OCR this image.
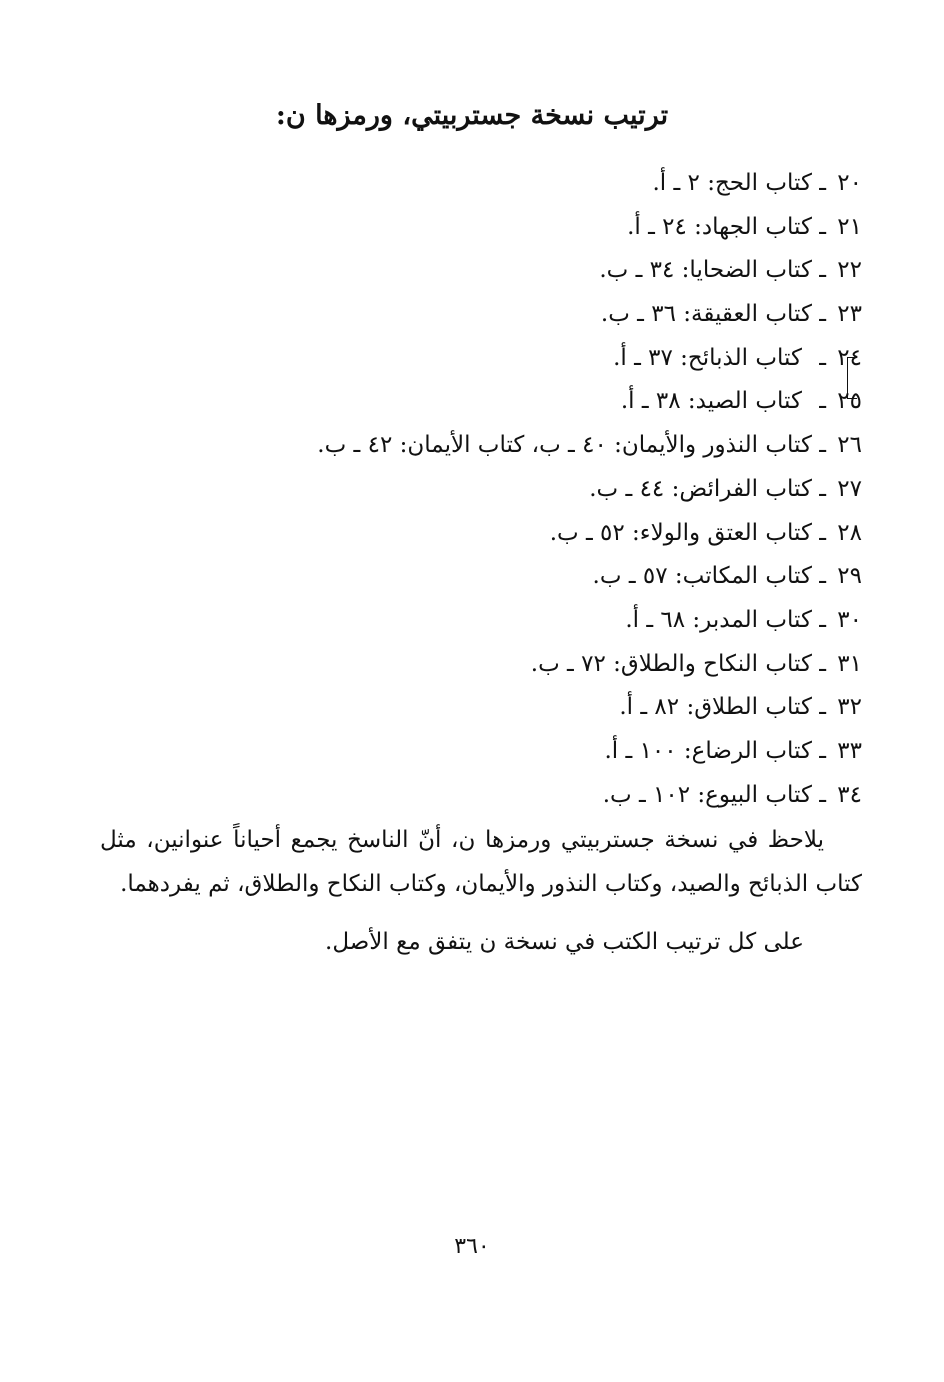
ترتيب نسخة جستربيتي، ورمزها ن:
٢٠ ـ كتاب الحج: ٢ ـ أ.
٢١ ـ كتاب الجهاد: ٢٤ ـ أ.
٢٢ ـ كتاب الضحايا: ٣٤ ـ ب.
٢٣ ـ كتاب العقيقة: ٣٦ ـ ب.
٢٤ ـ كتاب الذبائح: ٣٧ ـ أ.
٢٥ ـ كتاب الصيد: ٣٨ ـ أ.
٢٦ ـ كتاب النذور والأيمان: ٤٠ ـ ب، كتاب الأيمان: ٤٢ ـ ب.
٢٧ ـ كتاب الفرائض: ٤٤ ـ ب.
٢٨ ـ كتاب العتق والولاء: ٥٢ ـ ب.
٢٩ ـ كتاب المكاتب: ٥٧ ـ ب.
٣٠ ـ كتاب المدبر: ٦٨ ـ أ.
٣١ ـ كتاب النكاح والطلاق: ٧٢ ـ ب.
٣٢ ـ كتاب الطلاق: ٨٢ ـ أ.
٣٣ ـ كتاب الرضاع: ١٠٠ ـ أ.
٣٤ ـ كتاب البيوع: ١٠٢ ـ ب.

يلاحظ في نسخة جستربيتي ورمزها ن، أنّ الناسخ يجمع أحياناً عنوانين، مثل كتاب الذبائح والصيد، وكتاب النذور والأيمان، وكتاب النكاح والطلاق، ثم يفردهما.

على كل ترتيب الكتب في نسخة ن يتفق مع الأصل.

٣٦٠
